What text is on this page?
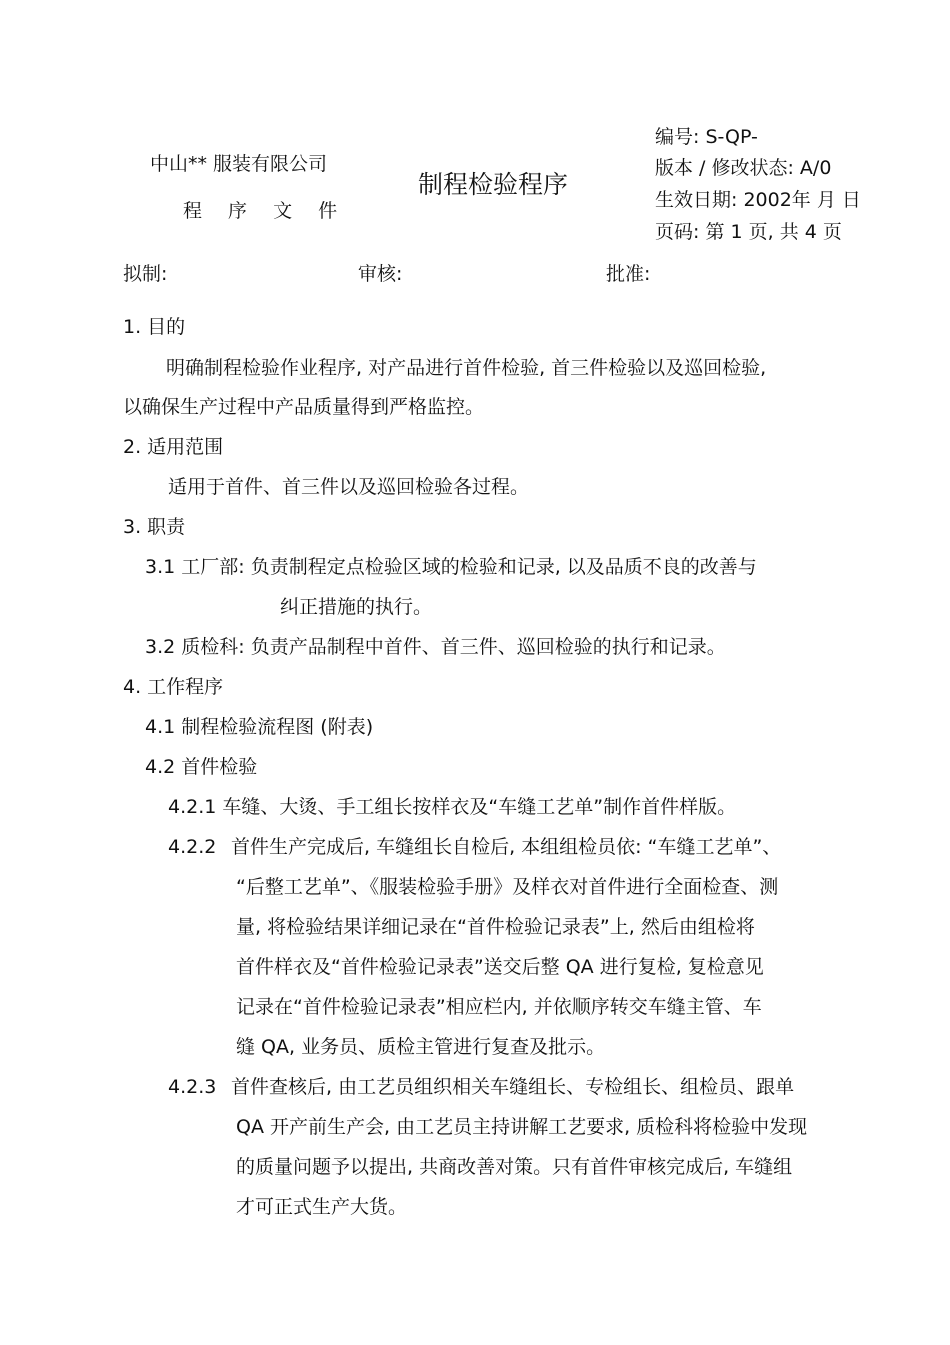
中山** 服装有限公司
程 序 文 件
制程检验程序
编号: S-QP-
版本 / 修改状态: A/0
生效日期: 2002年 月 日
页码: 第 1 页, 共 4 页
拟制:	审核:	批准:
1. 目的
明确制程检验作业程序, 对产品进行首件检验, 首三件检验以及巡回检验,
以确保生产过程中产品质量得到严格监控。
2. 适用范围
适用于首件、首三件以及巡回检验各过程。
3. 职责
3.1 工厂部: 负责制程定点检验区域的检验和记录, 以及品质不良的改善与
纠正措施的执行。
3.2 质检科: 负责产品制程中首件、首三件、巡回检验的执行和记录。
4. 工作程序
4.1 制程检验流程图 (附表)
4.2 首件检验
4.2.1 车缝、大烫、手工组长按样衣及“车缝工艺单”制作首件样版。
4.2.2 首件生产完成后, 车缝组长自检后, 本组组检员依: “车缝工艺单”、
“后整工艺单”、《服装检验手册》及样衣对首件进行全面检查、测
量, 将检验结果详细记录在“首件检验记录表”上, 然后由组检将
首件样衣及“首件检验记录表”送交后整 QA 进行复检, 复检意见
记录在“首件检验记录表”相应栏内, 并依顺序转交车缝主管、车
缝 QA, 业务员、质检主管进行复查及批示。
4.2.3 首件查核后, 由工艺员组织相关车缝组长、专检组长、组检员、跟单
QA 开产前生产会, 由工艺员主持讲解工艺要求, 质检科将检验中发现
的质量问题予以提出, 共商改善对策。只有首件审核完成后, 车缝组
才可正式生产大货。
